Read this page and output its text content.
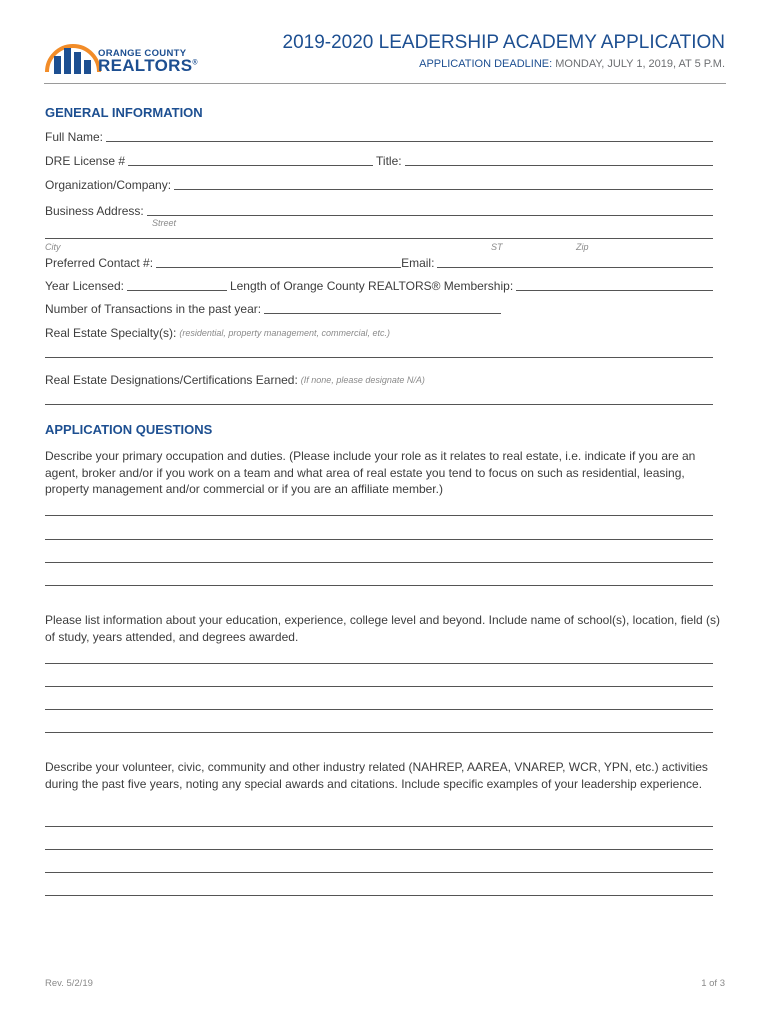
ORANGE COUNTY
REALTORS®
2019-2020 LEADERSHIP ACADEMY APPLICATION
APPLICATION DEADLINE: MONDAY, JULY 1, 2019, AT 5 P.M.
GENERAL INFORMATION
Full Name:
DRE License #	Title:
Organization/Company:
Business Address:
Street
City	ST	Zip
Preferred Contact #:	Email:
Year Licensed:	Length of Orange County REALTORS® Membership:
Number of Transactions in the past year:
Real Estate Specialty(s): (residential, property management, commercial, etc.)
Real Estate Designations/Certifications Earned: (If none, please designate N/A)
APPLICATION QUESTIONS
Describe your primary occupation and duties. (Please include your role as it relates to real estate, i.e. indicate if you are an agent, broker and/or if you work on a team and what area of real estate you tend to focus on such as residential, leasing, property management and/or commercial or if you are an affiliate member.)
Please list information about your education, experience, college level and beyond. Include name of school(s), location, field (s) of study, years attended, and degrees awarded.
Describe your volunteer, civic, community and other industry related (NAHREP, AAREA, VNAREP, WCR, YPN, etc.) activities during the past five years, noting any special awards and citations. Include specific examples of your leadership experience.
Rev. 5/2/19	1 of 3
